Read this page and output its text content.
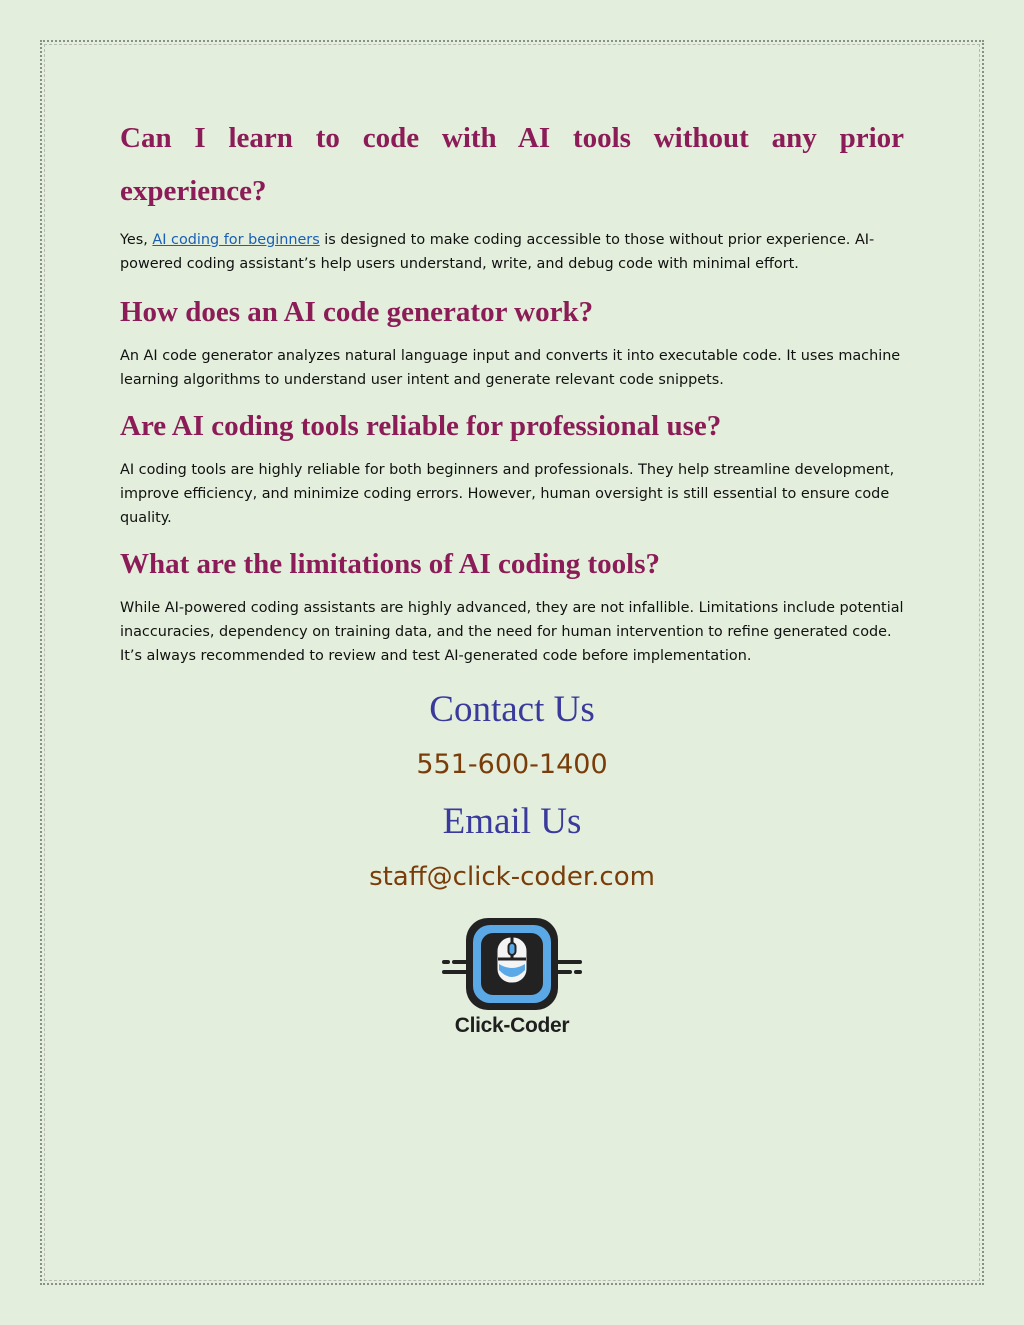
Can I learn to code with AI tools without any prior experience?

Yes, AI coding for beginners is designed to make coding accessible to those without prior experience. AI-powered coding assistant’s help users understand, write, and debug code with minimal effort.

How does an AI code generator work?

An AI code generator analyzes natural language input and converts it into executable code. It uses machine learning algorithms to understand user intent and generate relevant code snippets.

Are AI coding tools reliable for professional use?

AI coding tools are highly reliable for both beginners and professionals. They help streamline development, improve efficiency, and minimize coding errors. However, human oversight is still essential to ensure code quality.

What are the limitations of AI coding tools?

While AI-powered coding assistants are highly advanced, they are not infallible. Limitations include potential inaccuracies, dependency on training data, and the need for human intervention to refine generated code. It’s always recommended to review and test AI-generated code before implementation.

Contact Us
551-600-1400
Email Us
staff@click-coder.com
Click-Coder
